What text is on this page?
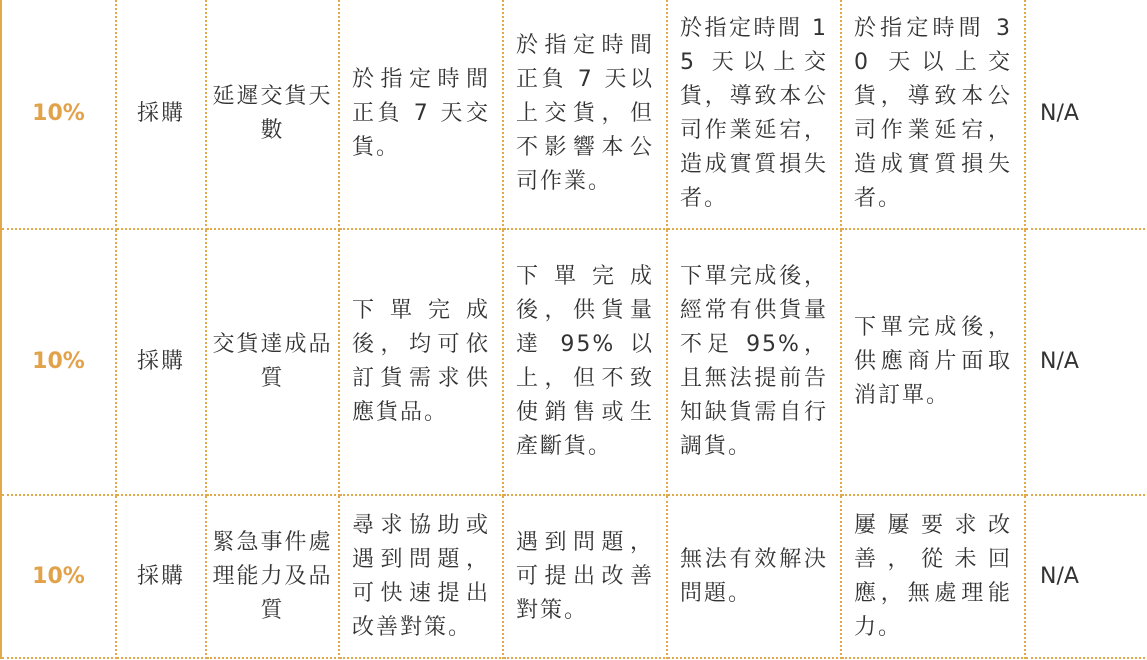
10%	採購	延遲交貨天數	於指定時間正負 7 天交貨。	於指定時間正負 7 天以上交貨，但不影響本公司作業。	於指定時間 15 天以上交貨，導致本公司作業延宕，造成實質損失者。	於指定時間 30 天以上交貨，導致本公司作業延宕，造成實質損失者。	N/A
10%	採購	交貨達成品質	下單完成後，均可依訂貨需求供應貨品。	下單完成後，供貨量達 95% 以上，但不致使銷售或生產斷貨。	下單完成後，經常有供貨量不足 95%，且無法提前告知缺貨需自行調貨。	下單完成後，供應商片面取消訂單。	N/A
10%	採購	緊急事件處理能力及品質	尋求協助或遇到問題，可快速提出改善對策。	遇到問題，可提出改善對策。	無法有效解決問題。	屢屢要求改善，從未回應，無處理能力。	N/A
